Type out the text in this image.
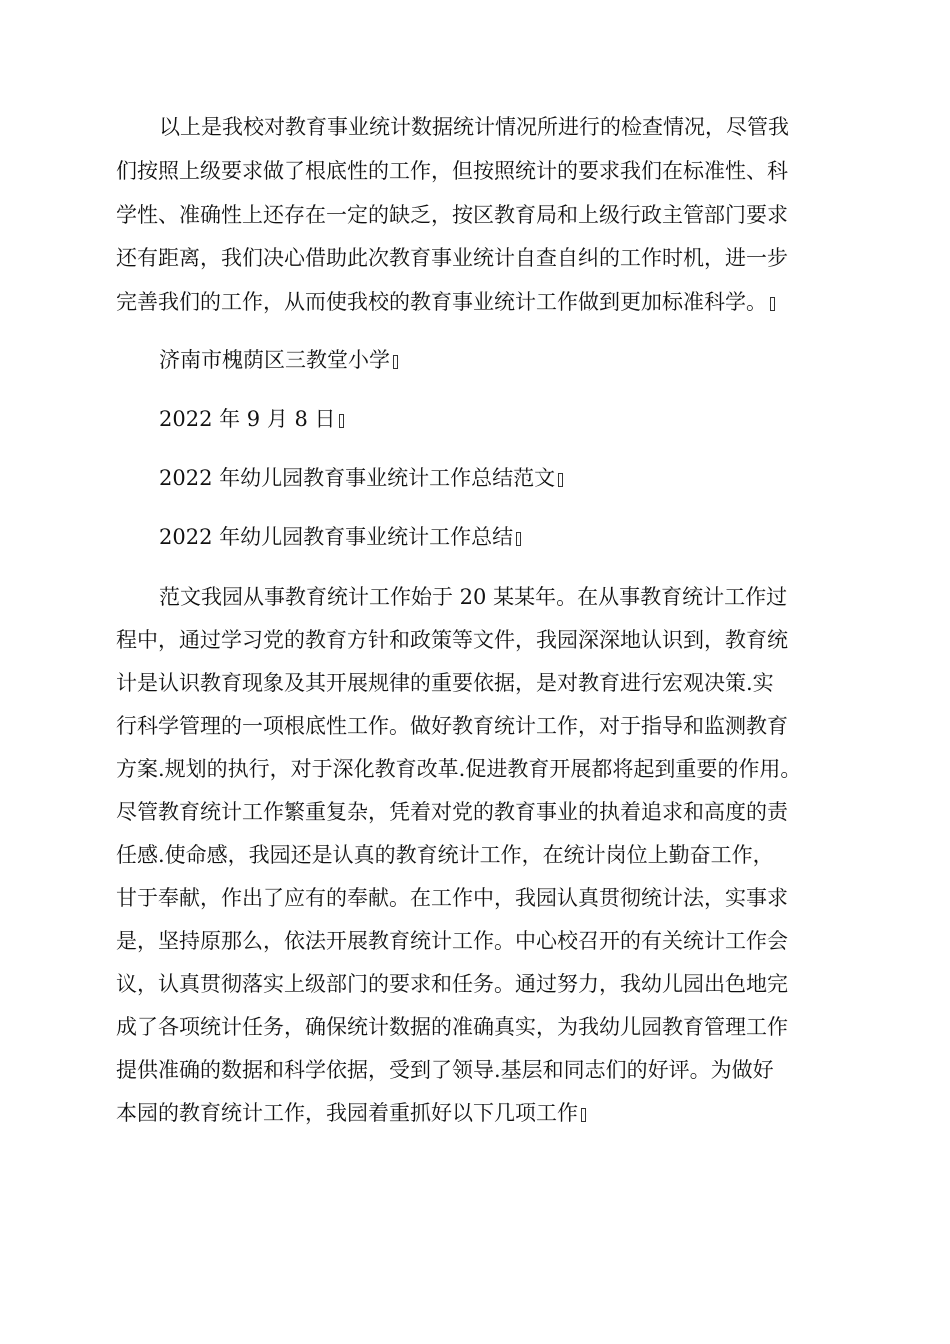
以上是我校对教育事业统计数据统计情况所进行的检查情况，尽管我
们按照上级要求做了根底性的工作，但按照统计的要求我们在标准性、科
学性、准确性上还存在一定的缺乏，按区教育局和上级行政主管部门要求
还有距离，我们决心借助此次教育事业统计自查自纠的工作时机，进一步
完善我们的工作，从而使我校的教育事业统计工作做到更加标准科学。
济南市槐荫区三教堂小学
2022 年 9 月 8 日
2022 年幼儿园教育事业统计工作总结范文
2022 年幼儿园教育事业统计工作总结
范文我园从事教育统计工作始于 20 某某年。在从事教育统计工作过
程中，通过学习党的教育方针和政策等文件，我园深深地认识到，教育统
计是认识教育现象及其开展规律的重要依据，是对教育进行宏观决策.实
行科学管理的一项根底性工作。做好教育统计工作，对于指导和监测教育
方案.规划的执行，对于深化教育改革.促进教育开展都将起到重要的作用。
尽管教育统计工作繁重复杂，凭着对党的教育事业的执着追求和高度的责
任感.使命感，我园还是认真的教育统计工作，在统计岗位上勤奋工作，
甘于奉献，作出了应有的奉献。在工作中，我园认真贯彻统计法，实事求
是，坚持原那么，依法开展教育统计工作。中心校召开的有关统计工作会
议，认真贯彻落实上级部门的要求和任务。通过努力，我幼儿园出色地完
成了各项统计任务，确保统计数据的准确真实，为我幼儿园教育管理工作
提供准确的数据和科学依据，受到了领导.基层和同志们的好评。为做好
本园的教育统计工作，我园着重抓好以下几项工作
